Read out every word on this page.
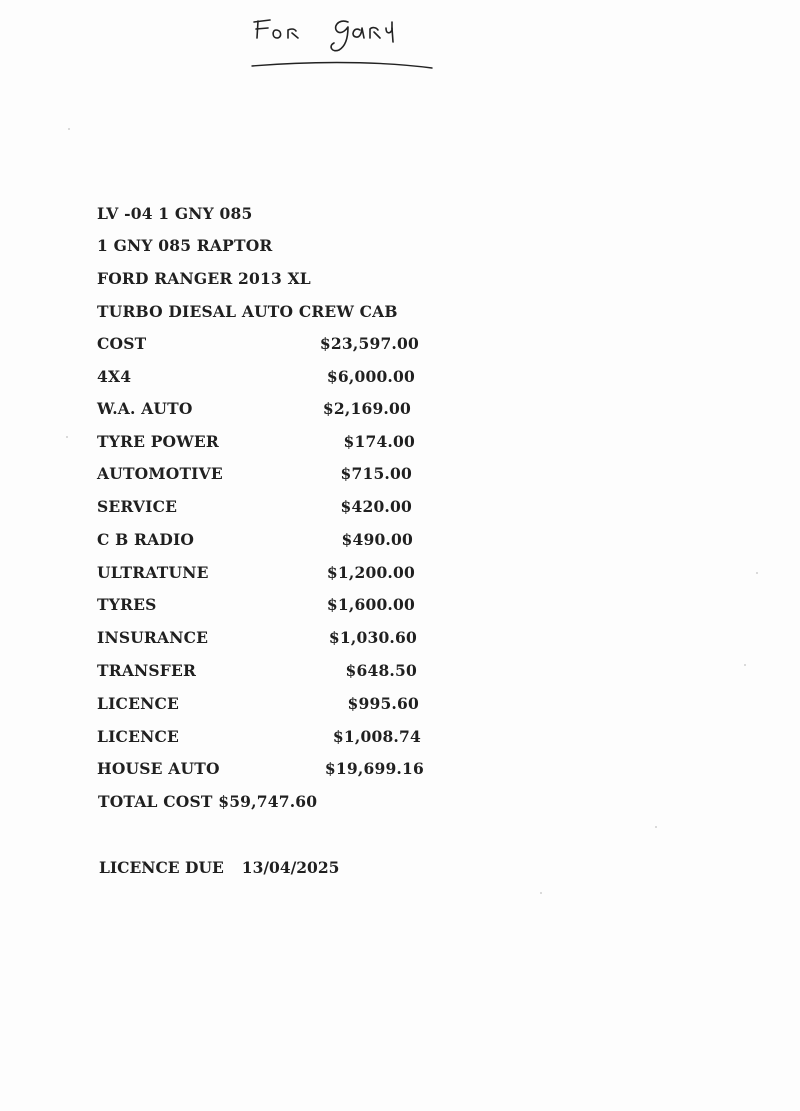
LV -04 1 GNY 085
1 GNY 085 RAPTOR
FORD RANGER 2013 XL
TURBO DIESAL AUTO CREW CAB
COST	$23,597.00
4X4	$6,000.00
W.A. AUTO	$2,169.00
TYRE POWER	$174.00
AUTOMOTIVE	$715.00
SERVICE	$420.00
C B RADIO	$490.00
ULTRATUNE	$1,200.00
TYRES	$1,600.00
INSURANCE	$1,030.60
TRANSFER	$648.50
LICENCE	$995.60
LICENCE	$1,008.74
HOUSE AUTO	$19,699.16
TOTAL COST $59,747.60
LICENCE DUE 13/04/2025
